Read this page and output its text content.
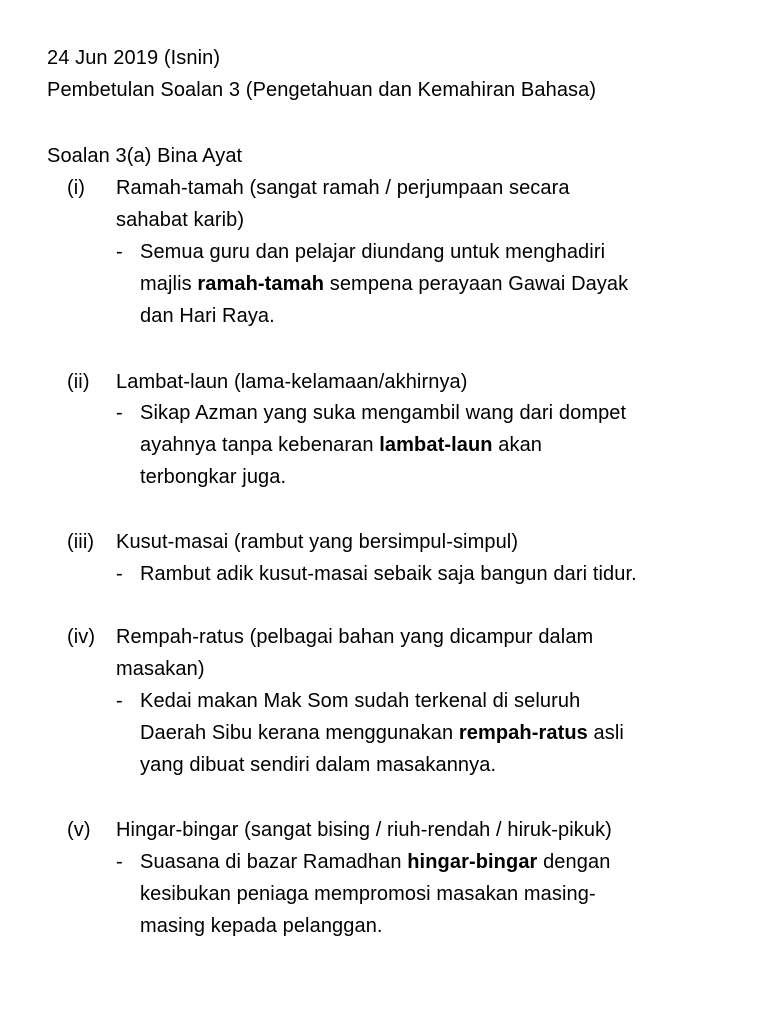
24 Jun 2019 (Isnin)
Pembetulan Soalan 3 (Pengetahuan dan Kemahiran Bahasa)
Soalan 3(a) Bina Ayat
(i) Ramah-tamah (sangat ramah / perjumpaan secara
sahabat karib)
- Semua guru dan pelajar diundang untuk menghadiri
majlis ramah-tamah sempena perayaan Gawai Dayak
dan Hari Raya.
(ii) Lambat-laun (lama-kelamaan/akhirnya)
- Sikap Azman yang suka mengambil wang dari dompet
ayahnya tanpa kebenaran lambat-laun akan
terbongkar juga.
(iii) Kusut-masai (rambut yang bersimpul-simpul)
- Rambut adik kusut-masai sebaik saja bangun dari tidur.
(iv) Rempah-ratus (pelbagai bahan yang dicampur dalam
masakan)
- Kedai makan Mak Som sudah terkenal di seluruh
Daerah Sibu kerana menggunakan rempah-ratus asli
yang dibuat sendiri dalam masakannya.
(v) Hingar-bingar (sangat bising / riuh-rendah / hiruk-pikuk)
- Suasana di bazar Ramadhan hingar-bingar dengan
kesibukan peniaga mempromosi masakan masing-
masing kepada pelanggan.
